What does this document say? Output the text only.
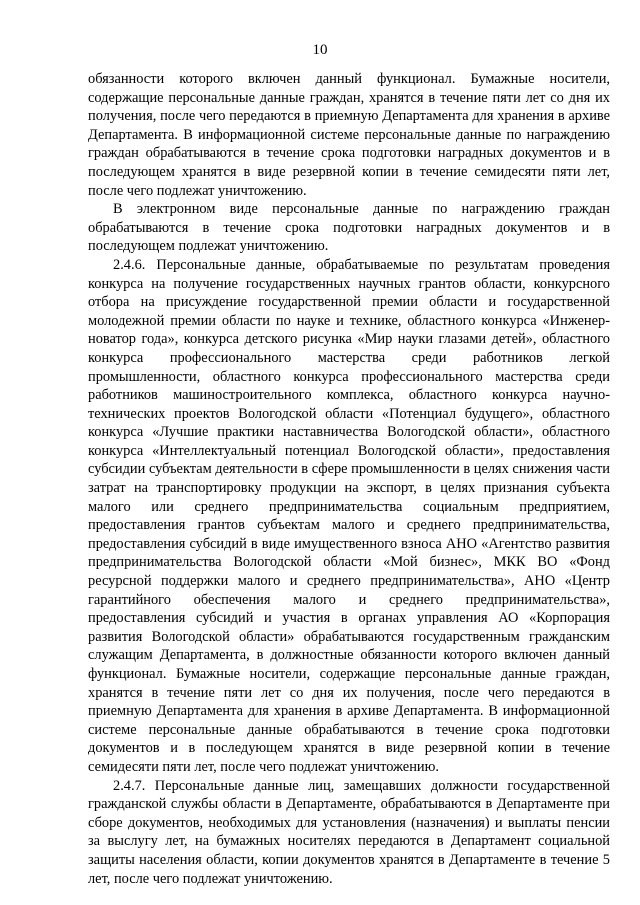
10

обязанности которого включен данный функционал. Бумажные носители, содержащие персональные данные граждан, хранятся в течение пяти лет со дня их получения, после чего передаются в приемную Департамента для хранения в архиве Департамента. В информационной системе персональные данные по награждению граждан обрабатываются в течение срока подготовки наградных документов и в последующем хранятся в виде резервной копии в течение семидесяти пяти лет, после чего подлежат уничтожению.

В электронном виде персональные данные по награждению граждан обрабатываются в течение срока подготовки наградных документов и в последующем подлежат уничтожению.

2.4.6. Персональные данные, обрабатываемые по результатам проведения конкурса на получение государственных научных грантов области, конкурсного отбора на присуждение государственной премии области и государственной молодежной премии области по науке и технике, областного конкурса «Инженер-новатор года», конкурса детского рисунка «Мир науки глазами детей», областного конкурса профессионального мастерства среди работников легкой промышленности, областного конкурса профессионального мастерства среди работников машиностроительного комплекса, областного конкурса научно-технических проектов Вологодской области «Потенциал будущего», областного конкурса «Лучшие практики наставничества Вологодской области», областного конкурса «Интеллектуальный потенциал Вологодской области», предоставления субсидии субъектам деятельности в сфере промышленности в целях снижения части затрат на транспортировку продукции на экспорт, в целях признания субъекта малого или среднего предпринимательства социальным предприятием, предоставления грантов субъектам малого и среднего предпринимательства, предоставления субсидий в виде имущественного взноса АНО «Агентство развития предпринимательства Вологодской области «Мой бизнес», МКК ВО «Фонд ресурсной поддержки малого и среднего предпринимательства», АНО «Центр гарантийного обеспечения малого и среднего предпринимательства», предоставления субсидий и участия в органах управления АО «Корпорация развития Вологодской области» обрабатываются государственным гражданским служащим Департамента, в должностные обязанности которого включен данный функционал. Бумажные носители, содержащие персональные данные граждан, хранятся в течение пяти лет со дня их получения, после чего передаются в приемную Департамента для хранения в архиве Департамента. В информационной системе персональные данные обрабатываются в течение срока подготовки документов и в последующем хранятся в виде резервной копии в течение семидесяти пяти лет, после чего подлежат уничтожению.

2.4.7. Персональные данные лиц, замещавших должности государственной гражданской службы области в Департаменте, обрабатываются в Департаменте при сборе документов, необходимых для установления (назначения) и выплаты пенсии за выслугу лет, на бумажных носителях передаются в Департамент социальной защиты населения области, копии документов хранятся в Департаменте в течение 5 лет, после чего подлежат уничтожению.
